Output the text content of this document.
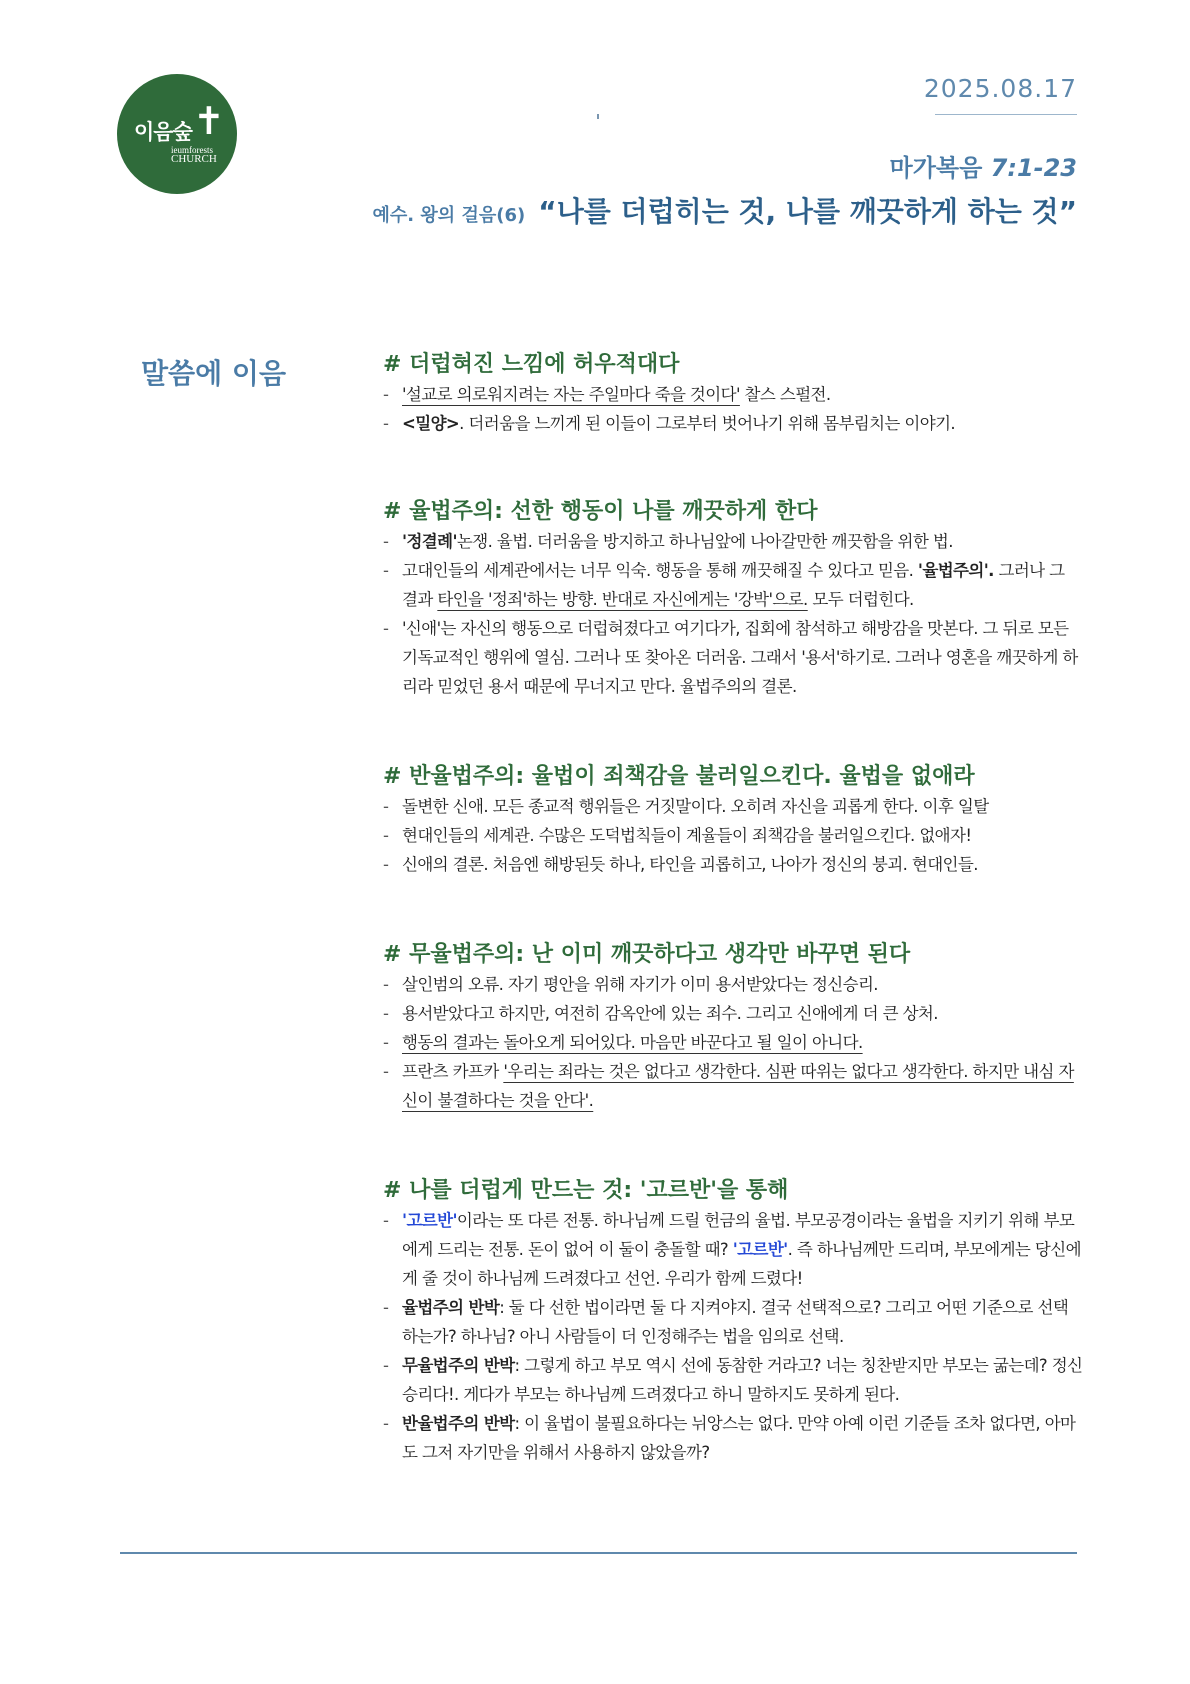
이음숲 ✝
ieumforests
CHURCH
2025.08.17
마가복음 7:1-23
예수. 왕의 걸음(6) “나를 더럽히는 것, 나를 깨끗하게 하는 것”
말씀에 이음	# 더럽혀진 느낌에 허우적대다
- '설교로 의로워지려는 자는 주일마다 죽을 것이다' 찰스 스펄전.
- <밀양>. 더러움을 느끼게 된 이들이 그로부터 벗어나기 위해 몸부림치는 이야기.
# 율법주의: 선한 행동이 나를 깨끗하게 한다
- '정결례'논쟁. 율법. 더러움을 방지하고 하나님앞에 나아갈만한 깨끗함을 위한 법.
- 고대인들의 세계관에서는 너무 익숙. 행동을 통해 깨끗해질 수 있다고 믿음. '율법주의'. 그러나 그 결과 타인을 '정죄'하는 방향. 반대로 자신에게는 '강박'으로. 모두 더럽힌다.
- '신애'는 자신의 행동으로 더럽혀졌다고 여기다가, 집회에 참석하고 해방감을 맛본다. 그 뒤로 모든 기독교적인 행위에 열심. 그러나 또 찾아온 더러움. 그래서 '용서'하기로. 그러나 영혼을 깨끗하게 하리라 믿었던 용서 때문에 무너지고 만다. 율법주의의 결론.
# 반율법주의: 율법이 죄책감을 불러일으킨다. 율법을 없애라
- 돌변한 신애. 모든 종교적 행위들은 거짓말이다. 오히려 자신을 괴롭게 한다. 이후 일탈
- 현대인들의 세계관. 수많은 도덕법칙들이 계율들이 죄책감을 불러일으킨다. 없애자!
- 신애의 결론. 처음엔 해방된듯 하나, 타인을 괴롭히고, 나아가 정신의 붕괴. 현대인들.
# 무율법주의: 난 이미 깨끗하다고 생각만 바꾸면 된다
- 살인범의 오류. 자기 평안을 위해 자기가 이미 용서받았다는 정신승리.
- 용서받았다고 하지만, 여전히 감옥안에 있는 죄수. 그리고 신애에게 더 큰 상처.
- 행동의 결과는 돌아오게 되어있다. 마음만 바꾼다고 될 일이 아니다.
- 프란츠 카프카 '우리는 죄라는 것은 없다고 생각한다. 심판 따위는 없다고 생각한다. 하지만 내심 자신이 불결하다는 것을 안다'.
# 나를 더럽게 만드는 것: '고르반'을 통해
- '고르반'이라는 또 다른 전통. 하나님께 드릴 헌금의 율법. 부모공경이라는 율법을 지키기 위해 부모에게 드리는 전통. 돈이 없어 이 둘이 충돌할 때? '고르반'. 즉 하나님께만 드리며, 부모에게는 당신에게 줄 것이 하나님께 드려졌다고 선언. 우리가 함께 드렸다!
- 율법주의 반박: 둘 다 선한 법이라면 둘 다 지켜야지. 결국 선택적으로? 그리고 어떤 기준으로 선택하는가? 하나님? 아니 사람들이 더 인정해주는 법을 임의로 선택.
- 무율법주의 반박: 그렇게 하고 부모 역시 선에 동참한 거라고? 너는 칭찬받지만 부모는 굶는데? 정신승리다!. 게다가 부모는 하나님께 드려졌다고 하니 말하지도 못하게 된다.
- 반율법주의 반박: 이 율법이 불필요하다는 뉘앙스는 없다. 만약 아예 이런 기준들 조차 없다면, 아마도 그저 자기만을 위해서 사용하지 않았을까?
